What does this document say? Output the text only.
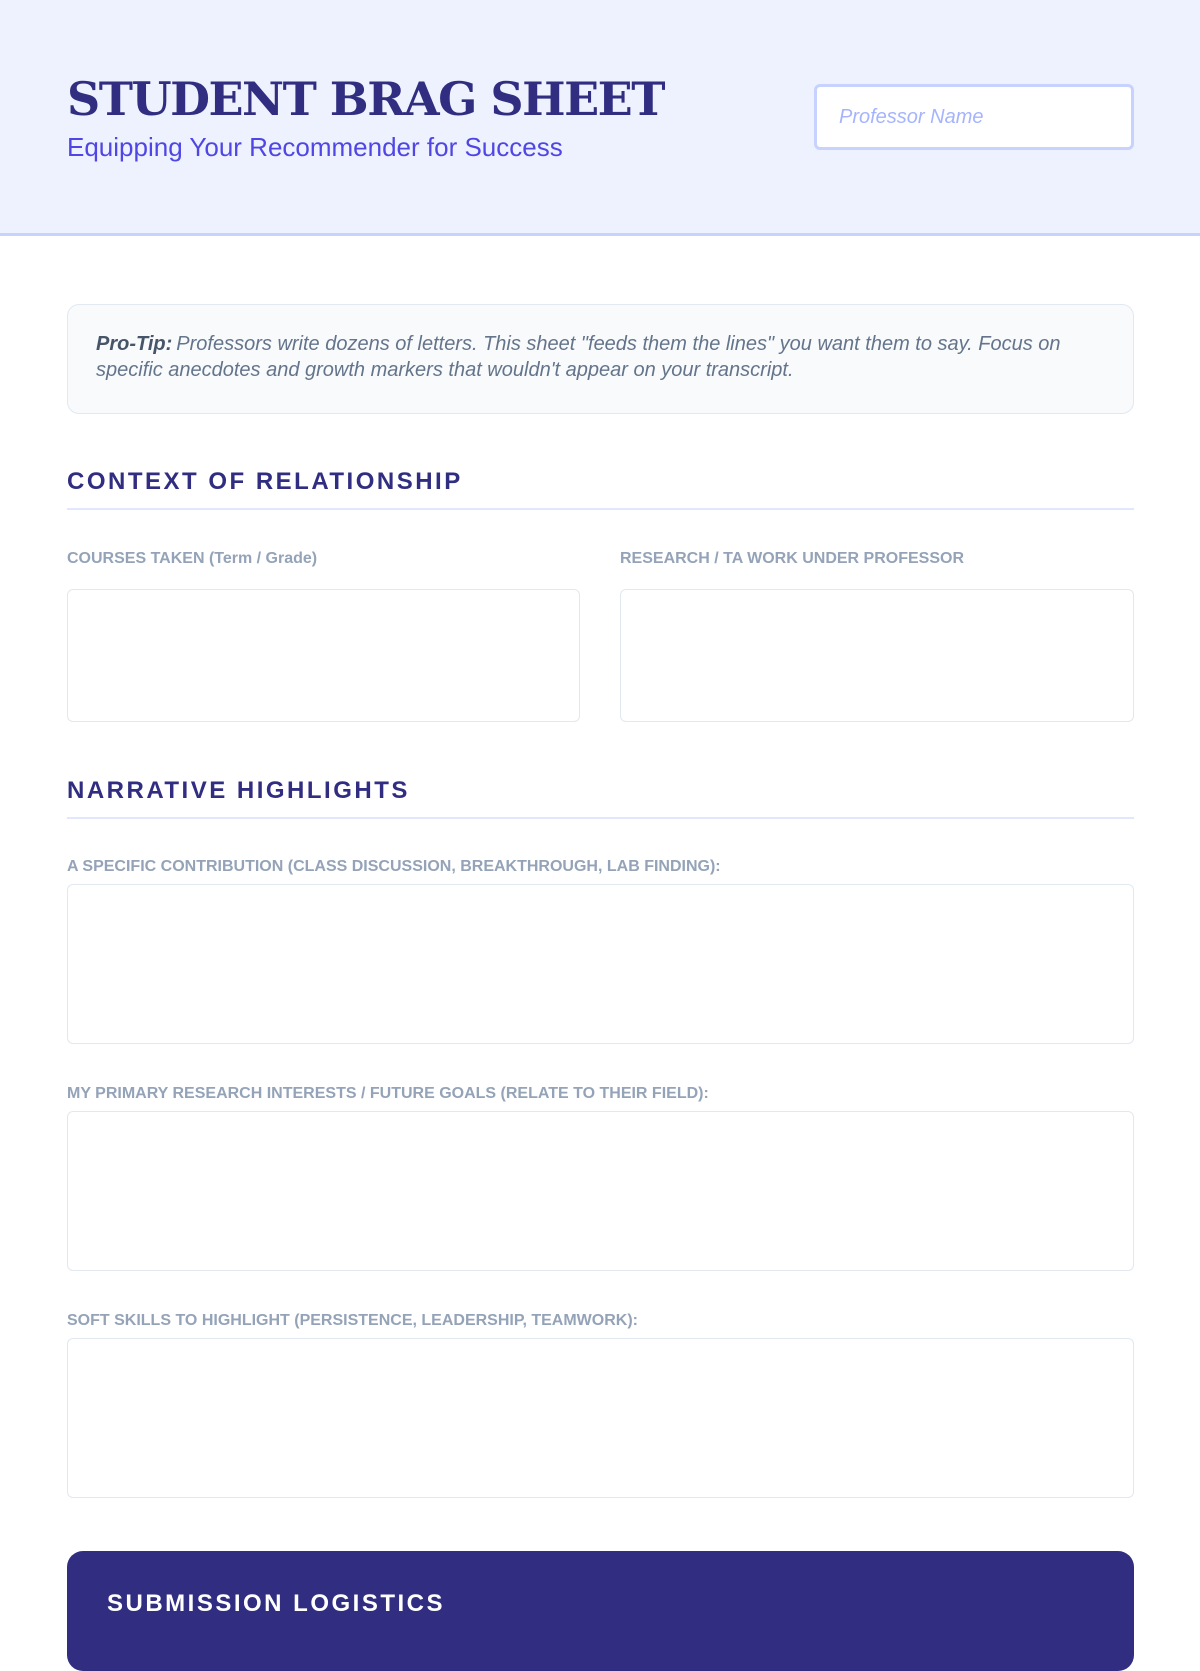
STUDENT BRAG SHEET
Equipping Your Recommender for Success
Professor Name
Pro-Tip: Professors write dozens of letters. This sheet "feeds them the lines" you want them to say. Focus on specific anecdotes and growth markers that wouldn't appear on your transcript.
CONTEXT OF RELATIONSHIP
COURSES TAKEN (Term / Grade)	RESEARCH / TA WORK UNDER PROFESSOR
NARRATIVE HIGHLIGHTS
A SPECIFIC CONTRIBUTION (CLASS DISCUSSION, BREAKTHROUGH, LAB FINDING):
MY PRIMARY RESEARCH INTERESTS / FUTURE GOALS (RELATE TO THEIR FIELD):
SOFT SKILLS TO HIGHLIGHT (PERSISTENCE, LEADERSHIP, TEAMWORK):
SUBMISSION LOGISTICS
